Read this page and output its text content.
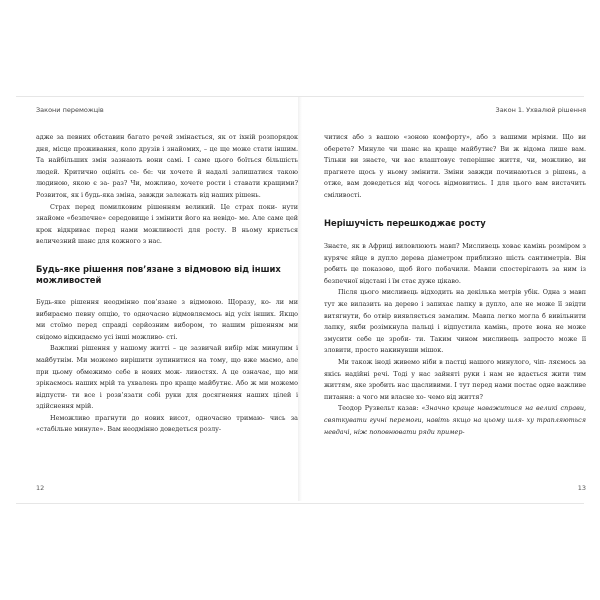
Закони переможців

адже за певних обставин багато речей змінається, як от іхній розпорядок дня, місце проживання, коло друзів і знайомих, – це ще може стати іншим. Та найбільших змін зазнають вони самі. І саме цього боїться більшість людей. Критично оцініть се- бе: чи хочете й надалі залишатися такою людиною, якою є за- раз? Чи, можливо, хочете рости і ставати кращими? Розвиток, як і будь-яка зміна, завжди залежать від наших рішень.

Страх перед помилковим рішенням великий. Це страх поки- нути знайоме «безпечне» середовище і змінити його на невідо- ме. Але саме цей крок відкриває перед нами можливості для росту. В ньому криється величезний шанс для кожного з нас.

Будь-яке рішення пов’язане з відмовою від інших можливостей

Будь-яке рішення неодмінно пов’язане з відмовою. Щоразу, ко- ли ми вибираємо певну опцію, то одночасно відмовляємось від усіх інших. Якщо ми стоїмо перед справді серйозним вибором, то нашим рішенням ми свідомо відкидаємо усі інші можливо- сті.

Важливі рішення у нашому житті – це зазвичай вибір між минулим і майбутнім. Ми можемо вирішити зупинитися на тому, що вже маємо, але при цьому обмежимо себе в нових мож- ливостях. А це означає, що ми зрікаємось наших мрій та ухвалень про краще майбутнє. Або ж ми можемо відпусти- ти все і розв’язати собі руки для досягнення наших цілей і здійснення мрій.

Неможливо прагнути до нових висот, одночасно тримаю- чись за «стабільне минуле». Вам неодмінно доведеться розлу-

12
Закон 1. Ухвалюй рішення

читися або з вашою «зоною комфорту», або з вашими мріями. Що ви оберете? Минуле чи шанс на краще майбутнє? Ви ж відома лише вам. Тільки ви знаєте, чи вас влаштовує теперішнє життя, чи, можливо, ви прагнете щось у ньому змінити. Зміни завжди починаються з рішень, а отже, вам доведеться від чогось відмовитись. І для цього вам вистачить сміливості.

Нерішучість перешкоджає росту

Знаєте, як в Африці виловлюють мавп? Мисливець ховає камінь розміром з курячє яйце в дупло дерева діаметром приблизно шість сантиметрів. Він робить це показово, щоб його побачили. Мавпи спостерігають за ним із безпечної відстані і їм стає дуже цікаво.

Після цього мисливець відходить на декілька метрів убік. Одна з мавп тут же вилазить на дерево і запихає лапку в дупло, але не може її звідти витягнути, бо отвір виявляється замалим. Мавпа легко могла б вивільнити лапку, якби розімкнула пальці і відпустила камінь, проте вона не може змусити себе це зроби- ти. Таким чином мисливець запросто може її зловити, просто накинувши мішок.

Ми також іноді живемо ніби в пастці нашого минулого, чіп- ляємось за якісь надійні речі. Тоді у нас зайняті руки і нам не вдається жити тим життям, яке зробить нас щасливими. І тут перед нами постає одне важливе питання: а чого ми власне хо- чемо від життя?

Теодор Рузвельт казав: «Значно краще наважитися на великі справи, святкувати гучні перемоги, навіть якщо на цьому шля- ху трапляються невдачі, ніж поповнювати ряди пример-

13
